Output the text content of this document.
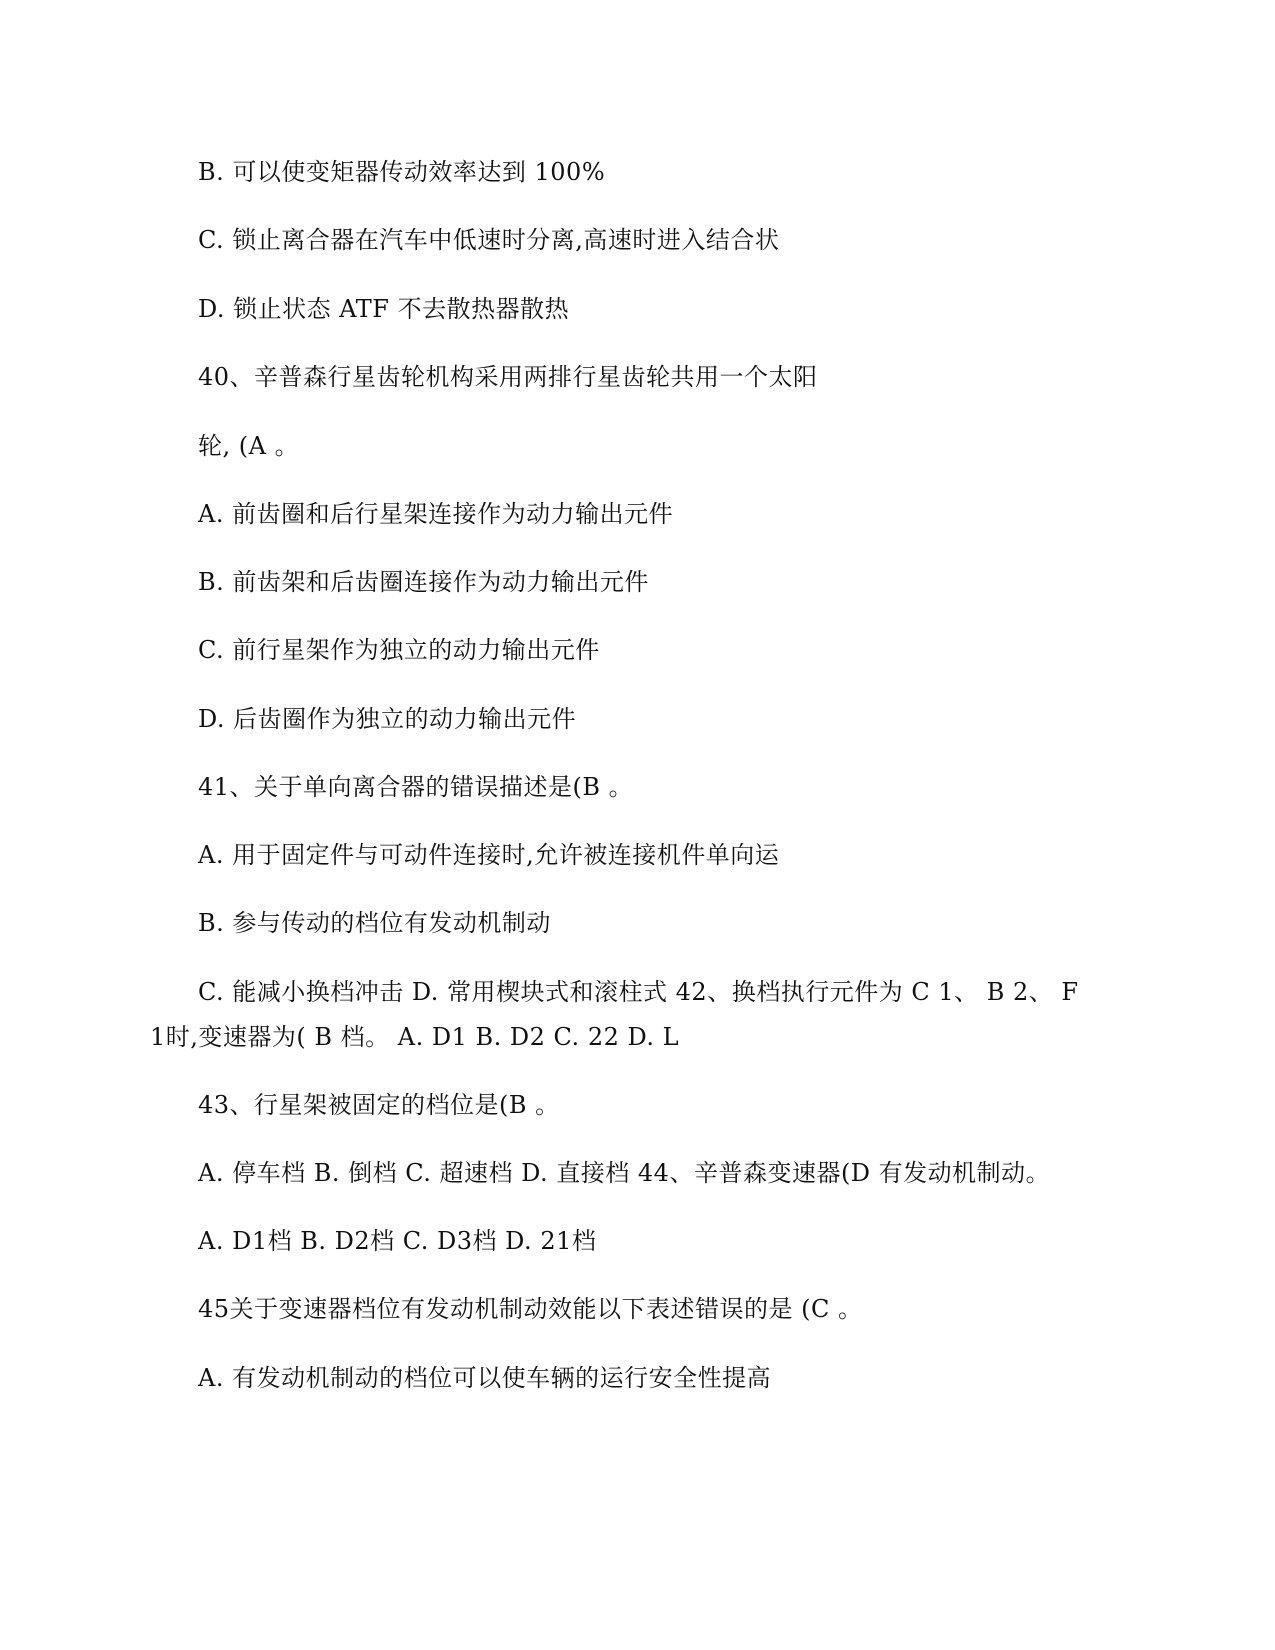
B. 可以使变矩器传动效率达到 100%
C. 锁止离合器在汽车中低速时分离,高速时进入结合状
D. 锁止状态 ATF 不去散热器散热
40、辛普森行星齿轮机构采用两排行星齿轮共用一个太阳
轮, (A 。
A. 前齿圈和后行星架连接作为动力输出元件
B. 前齿架和后齿圈连接作为动力输出元件
C. 前行星架作为独立的动力输出元件
D. 后齿圈作为独立的动力输出元件
41、关于单向离合器的错误描述是(B 。
A. 用于固定件与可动件连接时,允许被连接机件单向运
B. 参与传动的档位有发动机制动
C. 能减小换档冲击 D. 常用楔块式和滚柱式 42、换档执行元件为 C 1、 B 2、 F
1时,变速器为( B 档。 A. D1 B. D2 C. 22 D. L
43、行星架被固定的档位是(B 。
A. 停车档 B. 倒档 C. 超速档 D. 直接档 44、辛普森变速器(D 有发动机制动。
A. D1档 B. D2档 C. D3档 D. 21档
45关于变速器档位有发动机制动效能以下表述错误的是 (C 。
A. 有发动机制动的档位可以使车辆的运行安全性提高
